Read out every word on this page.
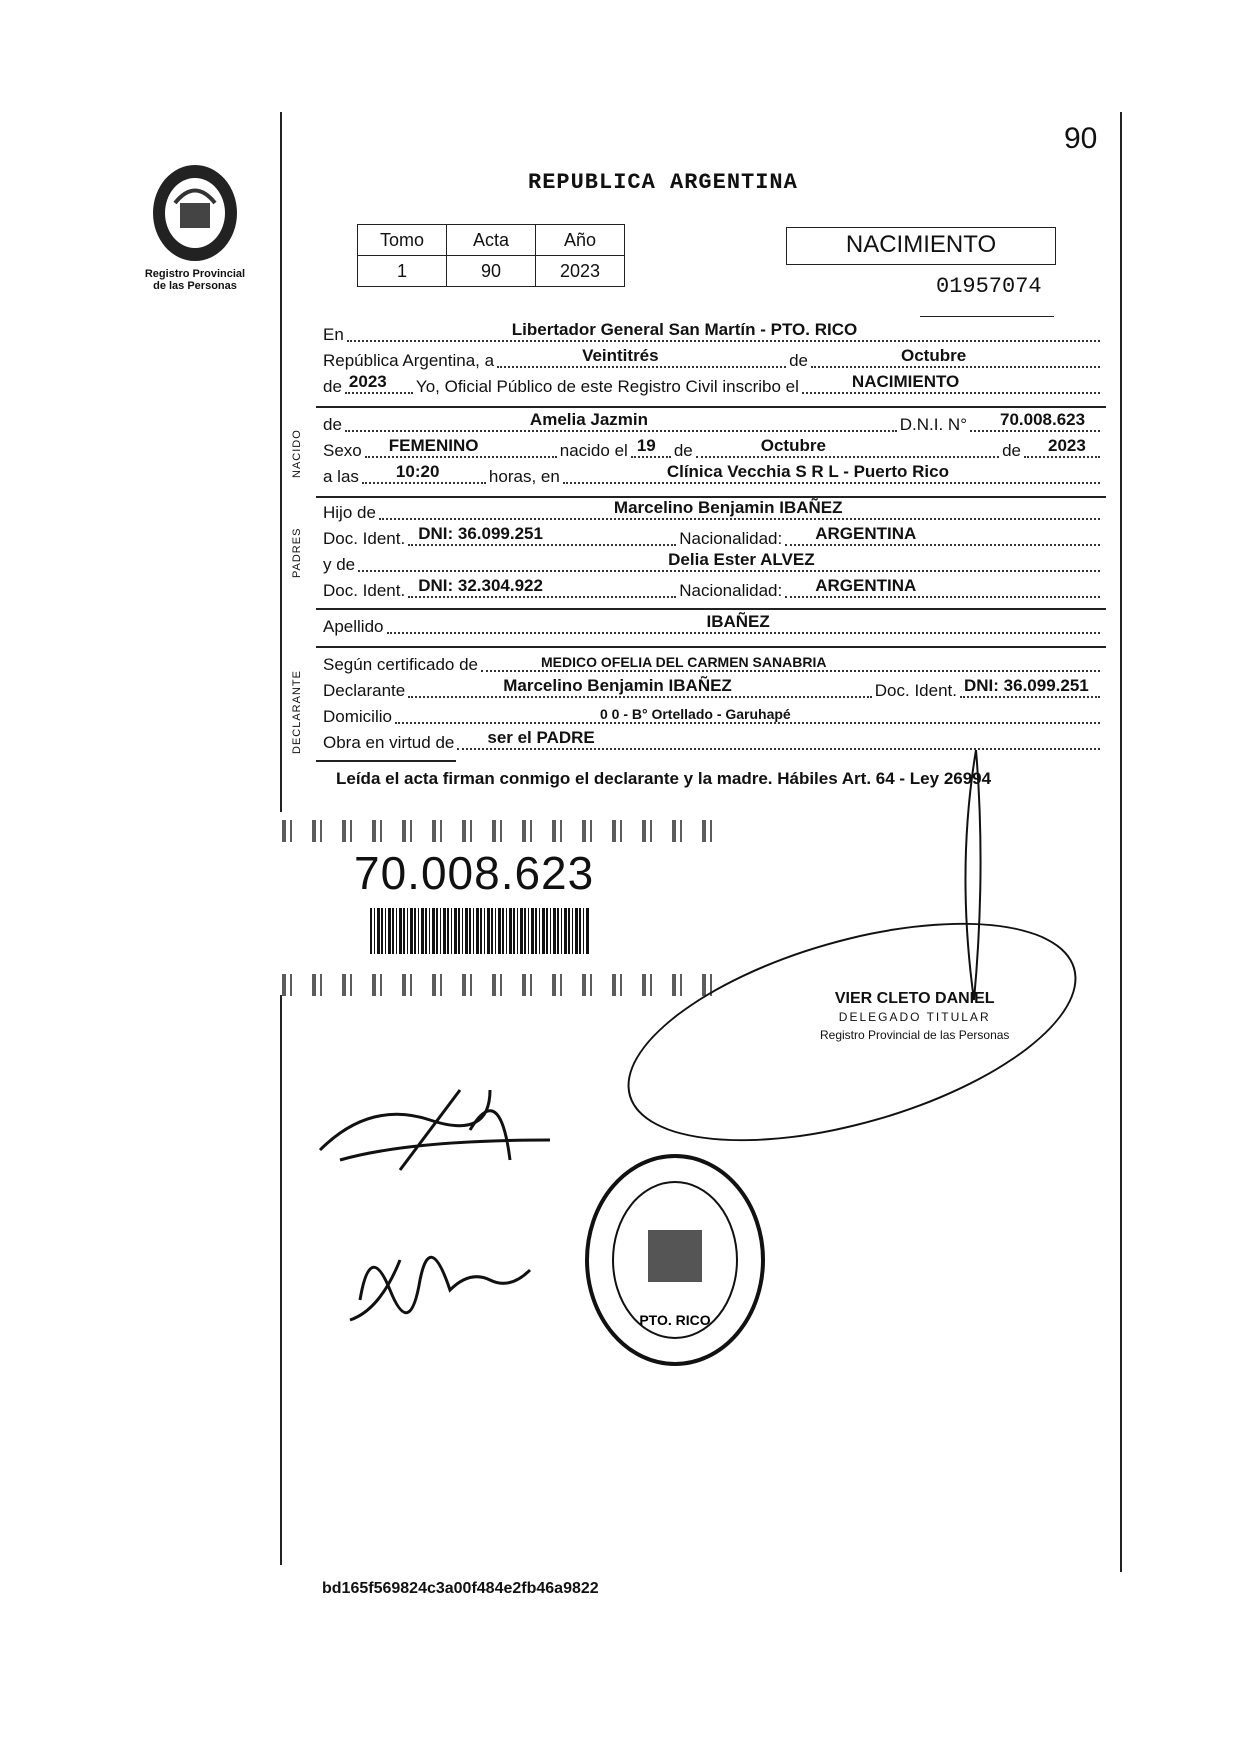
Registro Provincial
de las Personas
90
REPUBLICA ARGENTINA
Tomo	Acta	Año
1	90	2023
NACIMIENTO
01957074
NACIDO
PADRES
DECLARANTE
En	Libertador General San Martín - PTO. RICO
República Argentina, a	Veintitrés	de	Octubre
de 2023 Yo, Oficial Público de este Registro Civil inscribo el	NACIMIENTO
de	Amelia Jazmin	D.N.I. N° 70.008.623
Sexo FEMENINO	nacido el 19 de	Octubre	de 2023
a las 10:20	horas, en	Clínica Vecchia S R L - Puerto Rico
Hijo de	Marcelino Benjamin IBAÑEZ
Doc. Ident. DNI: 36.099.251	Nacionalidad: ARGENTINA
y de	Delia Ester ALVEZ
Doc. Ident. DNI: 32.304.922	Nacionalidad: ARGENTINA
Apellido	IBAÑEZ
Según certificado de	MEDICO OFELIA DEL CARMEN SANABRIA
Declarante	Marcelino Benjamin IBAÑEZ	Doc. Ident. DNI: 36.099.251
Domicilio	0 0 - B° Ortellado - Garuhapé
Obra en virtud de ser el PADRE
Leída el acta firman conmigo el declarante y la madre. Hábiles Art. 64 - Ley 26994
70.008.623
VIER CLETO DANIEL
DELEGADO TITULAR
Registro Provincial de las Personas
PTO. RICO
bd165f569824c3a00f484e2fb46a9822
